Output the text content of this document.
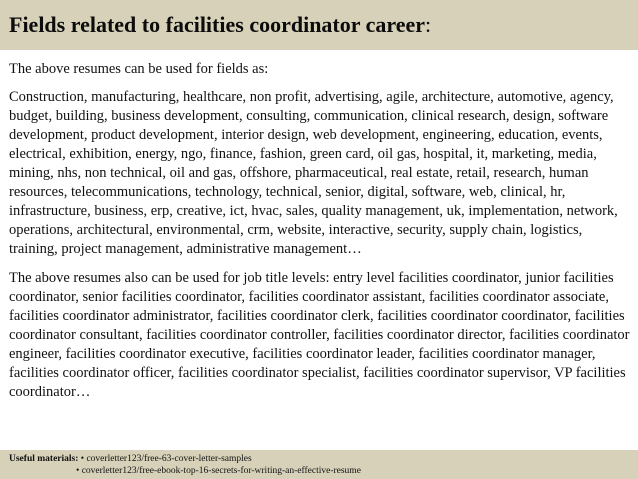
Fields related to facilities coordinator career:

The above resumes can be used for fields as:

Construction, manufacturing, healthcare, non profit, advertising, agile, architecture, automotive, agency, budget, building, business development, consulting, communication, clinical research, design, software development, product development, interior design, web development, engineering, education, events, electrical, exhibition, energy, ngo, finance, fashion, green card, oil gas, hospital, it, marketing, media, mining, nhs, non technical, oil and gas, offshore, pharmaceutical, real estate, retail, research, human resources, telecommunications, technology, technical, senior, digital, software, web, clinical, hr, infrastructure, business, erp, creative, ict, hvac, sales, quality management, uk, implementation, network, operations, architectural, environmental, crm, website, interactive, security, supply chain, logistics, training, project management, administrative management…

The above resumes also can be used for job title levels: entry level facilities coordinator, junior facilities coordinator, senior facilities coordinator, facilities coordinator assistant, facilities coordinator associate, facilities coordinator administrator, facilities coordinator clerk, facilities coordinator coordinator, facilities coordinator consultant, facilities coordinator controller, facilities coordinator director, facilities coordinator engineer, facilities coordinator executive, facilities coordinator leader, facilities coordinator manager, facilities coordinator officer, facilities coordinator specialist, facilities coordinator supervisor, VP facilities coordinator…

Useful materials:
• coverletter123/free-63-cover-letter-samples
• coverletter123/free-ebook-top-16-secrets-for-writing-an-effective-resume
